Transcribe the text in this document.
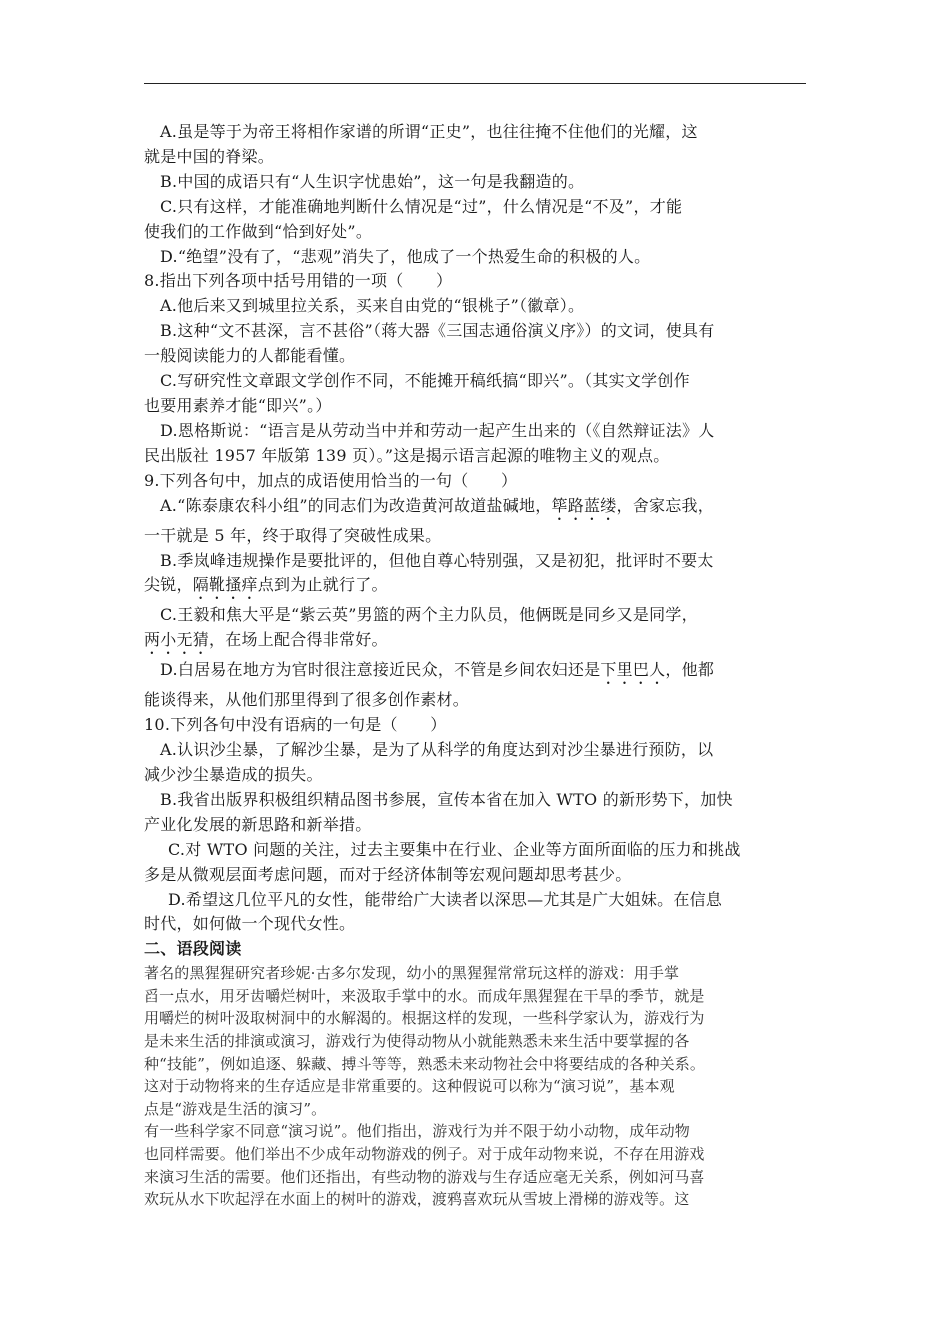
A.虽是等于为帝王将相作家谱的所谓“正史”，也往往掩不住他们的光耀，这
就是中国的脊梁。
B.中国的成语只有“人生识字忧患始”，这一句是我翻造的。
C.只有这样，才能准确地判断什么情况是“过”，什么情况是“不及”，才能
使我们的工作做到“恰到好处”。
D.“绝望”没有了，“悲观”消失了，他成了一个热爱生命的积极的人。
8.指出下列各项中括号用错的一项（　　）
A.他后来又到城里拉关系，买来自由党的“银桃子”（徽章）。
B.这种“文不甚深，言不甚俗”（蒋大器《三国志通俗演义序》）的文词，使具有
一般阅读能力的人都能看懂。
C.写研究性文章跟文学创作不同，不能摊开稿纸搞“即兴”。（其实文学创作
也要用素养才能“即兴”。）
D.恩格斯说：“语言是从劳动当中并和劳动一起产生出来的（《自然辩证法》人
民出版社 1957 年版第 139 页）。”这是揭示语言起源的唯物主义的观点。
9.下列各句中，加点的成语使用恰当的一句（　　）
A.“陈泰康农科小组”的同志们为改造黄河故道盐碱地，筚路蓝缕，舍家忘我，
一干就是 5 年，终于取得了突破性成果。
B.季岚峰违规操作是要批评的，但他自尊心特别强，又是初犯，批评时不要太
尖锐，隔靴搔痒点到为止就行了。
C.王毅和焦大平是“紫云英”男篮的两个主力队员，他俩既是同乡又是同学，
两小无猜，在场上配合得非常好。
D.白居易在地方为官时很注意接近民众，不管是乡间农妇还是下里巴人，他都
能谈得来，从他们那里得到了很多创作素材。
10.下列各句中没有语病的一句是（　　）
A.认识沙尘暴，了解沙尘暴，是为了从科学的角度达到对沙尘暴进行预防，以
减少沙尘暴造成的损失。
B.我省出版界积极组织精品图书参展，宣传本省在加入 WTO 的新形势下，加快
产业化发展的新思路和新举措。
C.对 WTO 问题的关注，过去主要集中在行业、企业等方面所面临的压力和挑战
多是从微观层面考虑问题，而对于经济体制等宏观问题却思考甚少。
D.希望这几位平凡的女性，能带给广大读者以深思—尤其是广大姐妹。在信息
时代，如何做一个现代女性。
二、语段阅读
著名的黑猩猩研究者珍妮·古多尔发现，幼小的黑猩猩常常玩这样的游戏：用手掌
舀一点水，用牙齿嚼烂树叶，来汲取手掌中的水。而成年黑猩猩在干旱的季节，就是
用嚼烂的树叶汲取树洞中的水解渴的。根据这样的发现，一些科学家认为，游戏行为
是未来生活的排演或演习，游戏行为使得动物从小就能熟悉未来生活中要掌握的各
种“技能”，例如追逐、躲藏、搏斗等等，熟悉未来动物社会中将要结成的各种关系。
这对于动物将来的生存适应是非常重要的。这种假说可以称为“演习说”，基本观
点是“游戏是生活的演习”。
有一些科学家不同意“演习说”。他们指出，游戏行为并不限于幼小动物，成年动物
也同样需要。他们举出不少成年动物游戏的例子。对于成年动物来说，不存在用游戏
来演习生活的需要。他们还指出，有些动物的游戏与生存适应毫无关系，例如河马喜
欢玩从水下吹起浮在水面上的树叶的游戏，渡鸦喜欢玩从雪坡上滑梯的游戏等。这
